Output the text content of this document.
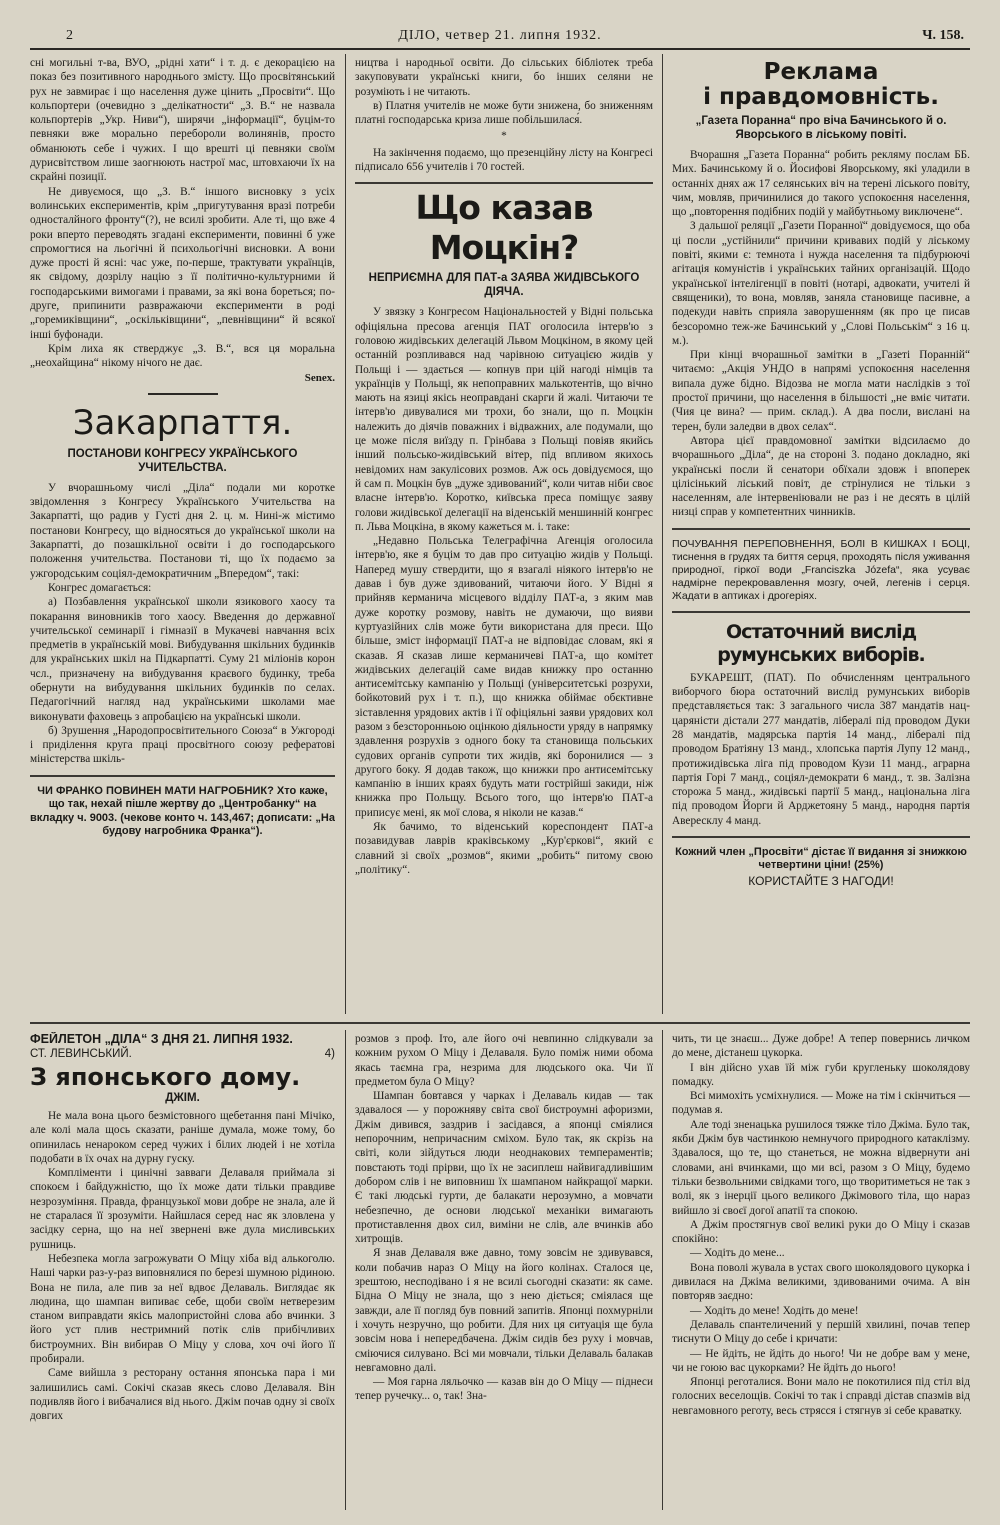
2	ДІЛО, четвер 21. липня 1932.	Ч. 158.

сні могильні т-ва, ВУО, „рідні хати“ і т. д. є декорацією на показ без позитивного народнього змісту. Що просвітянський рух не завмирає і що населення дуже цінить „Просвіти“. Що кольпортери (очевидно з „делікатности“ „З. В.“ не назвала кольпортерів „Укр. Ниви“), ширячи „інформації“, буцім-то певняки вже морально перебороли волинянів, просто обманюють себе і чужих. І що врешті ці певняки своїм дурисвітством лише заогнюють настрої мас, штовхаючи їх на скрайні позиції.

Не дивуємося, що „З. В.“ іншого висновку з усіх волинських експериментів, крім „пригутування вразі потреби односталйного фронту“(?), не всилі зробити. Але ті, що вже 4 роки вперто переводять згадані експерименти, повинні б уже спромогтися на льогічні й психольогічні висновки. А вони дуже прості й ясні: час уже, по-перше, трактувати українців, як свідому, дозрілу націю з її політично-культурними й господарськими вимогами і правами, за які вона бореться; по-друге, припинити развражаючи експерименти в роді „горемиківщини“, „оскільківщини“, „певнівщини“ й всякої інші буфонади.

Крім лиха як стверджує „З. В.“, вся ця моральна „неохайщина“ нікому нічого не дає.

Senex.
Закарпаття.
ПОСТАНОВИ КОНГРЕСУ УКРАЇНСЬКОГО УЧИТЕЛЬСТВА.

У вчорашньому числі „Діла“ подали ми коротке звідомлення з Конгресу Українського Учительства на Закарпатті, що радив у Густі дня 2. ц. м. Нині-ж містимо постанови Конгресу, що відносяться до української школи на Закарпатті, до позашкільної освіти і до господарського положення учительства. Постанови ті, що їх подаємо за ужгородським соціял-демократичним „Впередом“, такі:

Конгрес домагається:

а) Позбавлення української школи язикового хаосу та покарання виновників того хаосу. Введення до державної учительської семинарії і гімназії в Мукачеві навчання всіх предметів в українській мові. Вибудування шкільних будинків для українських шкіл на Підкарпатті. Суму 21 міліонів корон чсл., призначену на вибудування краєвого будинку, треба обернути на вибудування шкільних будинків по селах. Педагогічний нагляд над українськими школами мае виконувати фаховець з апробацією на українські школи.

б) Зрушення „Народопросвітительного Союза“ в Ужгороді і приділення круга праці просвітного союзу рефератові міністерства шкіль-

ЧИ ФРАНКО ПОВИНЕН МАТИ НАГРОБНИК? Хто каже, що так, нехай пішле жертву до „Центробанку“ на вкладку ч. 9003. (чекове конто ч. 143,467; дописати: „На будову нагробника Франка“).

ництва і народньої освіти. До сільських бібліотек треба закуповувати українські книги, бо інших селяни не розуміють і не читають.

в) Платня учителів не може бути знижена, бо зниженням платні господарська криза лише побільшилася́.

*

На закінчення подаємо, що презенційну лісту на Конгресі підписало 656 учителів і 70 гостей.

Що казав Моцкін?
НЕПРИЄМНА ДЛЯ ПАТ-а ЗАЯВА ЖИДІВСЬКОГО ДІЯЧА.

У звязку з Конгресом Національностей у Відні польська офіціяльна пресова агенція ПАТ оголосила інтерв'ю з головою жидівських делегацій Львом Моцкіном, в якому цей останній розпливався над чарівною ситуацією жидів у Польщі і — здається — копнув при цій нагоді німців та українців у Польщі, як непоправних малькотентів, що вічно мають на язиці якісь неоправдані скарги й жалі. Читаючи те інтерв'ю дивувалися ми трохи, бо знали, що п. Моцкін належить до діячів поважних і відважних, але подумали, що це може після виїзду п. Грінбава з Польщі повіяв якийсь інший польсько-жидівський вітер, під впливом якихось невідомих нам закулісових розмов. Аж ось довідуємося, що й сам п. Моцкін був „дуже здивований“, коли читав ніби своє власне інтерв'ю. Коротко, київська преса поміщує заяву голови жидівської делегації на віденській меншинній конгрес п. Льва Моцкіна, в якому кажеться м. і. таке:

„Недавно Польська Телеграфічна Агенція оголосила інтерв'ю, яке я буцім то дав про ситуацію жидів у Польщі. Наперед мушу ствердити, що я взагалі ніякого інтерв'ю не давав і був дуже здивований, читаючи його. У Відні я прийняв керманича місцевого відділу ПАТ-а, з яким мав дуже коротку розмову, навіть не думаючи, що вияви куртуазійних слів може бути використана для преси. Що більше, зміст інформації ПАТ-а не відповідає словам, які я сказав. Я сказав лише керманичеві ПАТ-а, що комітет жидівських делегацій саме видав книжку про останню антисемітську кампанію у Польщі (університетські розрухи, бойкотовий рух і т. п.), що книжка обіймає обєктивне зіставлення урядових актів і її офіціяльні заяви урядових кол разом з безсторонньою оцінкою діяльности уряду в напрямку здавлення розрухів з одного боку та становища польських судових органів супроти тих жидів, які боронилися — з другого боку. Я додав також, що книжки про антисемітську кампанію в інших краях будуть мати гострійші закиди, ніж книжка про Польщу. Всього того, що інтерв'ю ПАТ-а приписує мені, як мої слова, я ніколи не казав.“

Як бачимо, то віденський кореспондент ПАТ-а позавидував лаврів краківському „Кур'єркові“, який є славний зі своїх „розмов“, якими „робить“ питому свою „політику“.

Реклама
і правдомовність.
„Газета Поранна“ про віча Бачинського й о. Яворського в ліському повіті.

Вчорашня „Газета Поранна“ робить рекляму послам ББ. Мих. Бачинському й о. Йосифові Яворському, які уладили в останніх днях аж 17 селянських віч на терені ліського повіту, чим, мовляв, причинилися до такого успокоєння населення, що „повторення подібних подій у майбутньому виключене“.

З дальшої реляції „Газети Поранної“ довідуємося, що оба ці посли „устійнили“ причини кривавих подій у ліському повіті, якими є: темнота і нужда населення та підбурюючі агітація комуністів і українських тайних організацій. Щодо української інтелігенції в повіті (нотарі, адвокати, учителі й священики), то вона, мовляв, заняла становище пасивне, а подекуди навіть сприяла заворушенням (як про це писав безсоромно теж-же Бачинський у „Слові Польськім“ з 16 ц. м.).

При кінці вчорашньої замітки в „Газеті Поранній“ читаємо: „Акція УНДО в напрямі успокоєння населення випала дуже бідно. Відозва не могла мати наслідків з тої простої причини, що населення в більшості „не вміє читати. (Чия це вина? — прим. склад.). А два посли, вислані на терен, були заледви в двох селах“.

Автора цієї правдомовної замітки відсилаємо до вчорашнього „Діла“, де на стороні 3. подано докладно, які українські посли й сенатори обїхали здовж і впоперек цілісінький ліський повіт, де стрінулися не тільки з населенням, але інтервеніювали не раз і не десять в цілій низці справ у компетентних чинників.

ПОЧУВАННЯ ПЕРЕПОВНЕННЯ, БОЛІ В КИШКАХ І БОЦІ, тиснення в грудях та биття серця, проходять після уживання природної, гіркої води „Franciszka Józefa“, яка усуває надмірне перекровавлення мозгу, очей, легенів і серця. Жадати в аптиках і дрогеріях.
Остаточний вислід румунських виборів.

БУКАРЕШТ, (ПАТ). По обчисленням центрального виборчого бюра остаточний вислід румунських виборів представляється так: З загального числа 387 мандатів нац-царяністи дістали 277 мандатів, лібералі під проводом Дуки 28 мандатів, мадярська партія 14 манд., лібералі під проводом Братіяну 13 манд., хлопська партія Лупу 12 манд., протижидівська ліга під проводом Кузи 11 манд., аграрна партія Горі 7 манд., соціял-демократи 6 манд., т. зв. Залізна сторожа 5 манд., жидівські партії 5 манд., національна ліга під проводом Йорги й Арджетояну 5 манд., народня партія Авересклу 4 манд.

Кожний член „Просвіти“ дістає її видання зі знижкою четвертини ціни! (25%)
КОРИСТАЙТЕ З НАГОДИ!
ФЕЙЛЕТОН „ДІЛА“ З ДНЯ 21. ЛИПНЯ 1932.
СТ. ЛЕВИНСЬКИЙ.	4)
З японського дому.
ДЖІМ.

Не мала вона цього безмістовного щебетання пані Мічіко, але колі мала щось сказати, раніше думала, може тому, бо опинилась ненароком серед чужих і білих людей і не хотіла подобати в їх очах на дурну гуску.

Компліменти і цинічні завваги Делаваля приймала зі спокоєм і байдужністю, що їх може дати тільки правдиве незрозуміння. Правда, французької мови добре не знала, але й не старалася її зрозуміти. Найшлася серед нас як зловлена у засідку серна, що на неї звернені вже дула мисливських рушниць.

Небезпека могла загрожувати О Міцу хіба від алькоголю. Наші чарки раз-у-раз виповнялися по березі шумною рідиною. Вона не пила, але пив за неї вдвоє Делаваль. Виглядає як людина, що шампан випиває себе, щоби своїм нетверезим станом виправдати якісь малопристойні слова або вчинки. З його уст плив нестримний потік слів прибічливих бистроумних. Він вибирав О Міцу у слова, хоч очі його її пробирали.

Саме вийшла з ресторану остання японська пара і ми залишились самі. Сокічі сказав якесь слово Делаваля. Він подивляв його і вибачалися від нього. Джім почав одну зі своїх довгих

розмов з проф. Іто, але його очі невпинно слідкували за кожним рухом О Міцу і Делаваля. Було поміж ними обома якась таємна гра, незрима для людського ока. Чи її предметом була О Міцу?

Шампан бовтався у чарках і Делаваль кидав — так здавалося — у порожнявy світа свої бистроумні афоризми, Джім дивився, заздрив і засідався, а японці сміялися непорочним, непричасним сміхом. Було так, як скрізь на світі, коли зійдуться люди неоднакових темпераментів; повстають тоді прірви, що їх не засиплеш найвигадливішим добором слів і не виповниш їх шампаном найкращої марки. Є такі людські гурти, де балакати нерозумно, а мовчати небезпечно, де основи людської механіки вимагають протиставлення двох сил, виміни не слів, але вчинків або хитрощів.

Я знав Делаваля вже давно, тому зовсім не здивувався, коли побачив нараз О Міцу на його колінах. Сталося це, зрештою, несподівано і я не всилі сьогодні сказати: як саме. Бідна О Міцу не знала, що з нею діється; сміялася ще завжди, але її погляд був повний запитів. Японці похмурніли і хочуть незручно, що робити. Для них ця ситуація ще була зовсім нова і непередбачена. Джім сидів без руху і мовчав, сміючися силувано. Всі ми мовчали, тільки Делаваль балакав невгамовно далі.

— Моя гарна ляльочко — казав він до О Міцу — піднеси тепер ручечку... о, так! Зна-

чить, ти це знаєш... Дуже добре! А тепер повернись личком до мене, дістанеш цукорка.

І він дійсно ухав їй між губи кругленьку шоколядову помадку.

Всі мимохіть усміхнулися. — Може на тім і скінчиться — подумав я.

Але тоді зненацька рушилося тяжке тіло Джіма. Було так, якби Джім був частинкою немнучого природного катаклізму. Здавалося, що те, що станеться, не можна відвернути ані словами, ані вчинками, що ми всі, разом з О Міцу, будемо тільки безвольними свідками того, що творитиметься не так з волі, як з інерції цього великого Джімового тіла, що нараз вийшло зі своєї догої апатії та спокою.

А Джім простягнув свої великі руки до О Міцу і сказав спокійно:

— Ходіть до мене...

Вона поволі жувала в устах свого шоколядового цукорка і дивилася на Джіма великими, здивованими очима. А він повторяв заєдно:

— Ходіть до мене! Ходіть до мене!

Делаваль спантеличений у першій хвилині, почав тепер тиснути О Міцу до себе і кричати:

— Не йдіть, не йдіть до нього! Чи не добре вам у мене, чи не гоюю вас цукорками? Не йдіть до нього!

Японці реготалися. Вони мало не покотилися під стіл від голосних веселощів. Сокічі то так і справді дістав спазмів від невгамовного реготу, весь стрясся і стягнув зі себе краватку.
